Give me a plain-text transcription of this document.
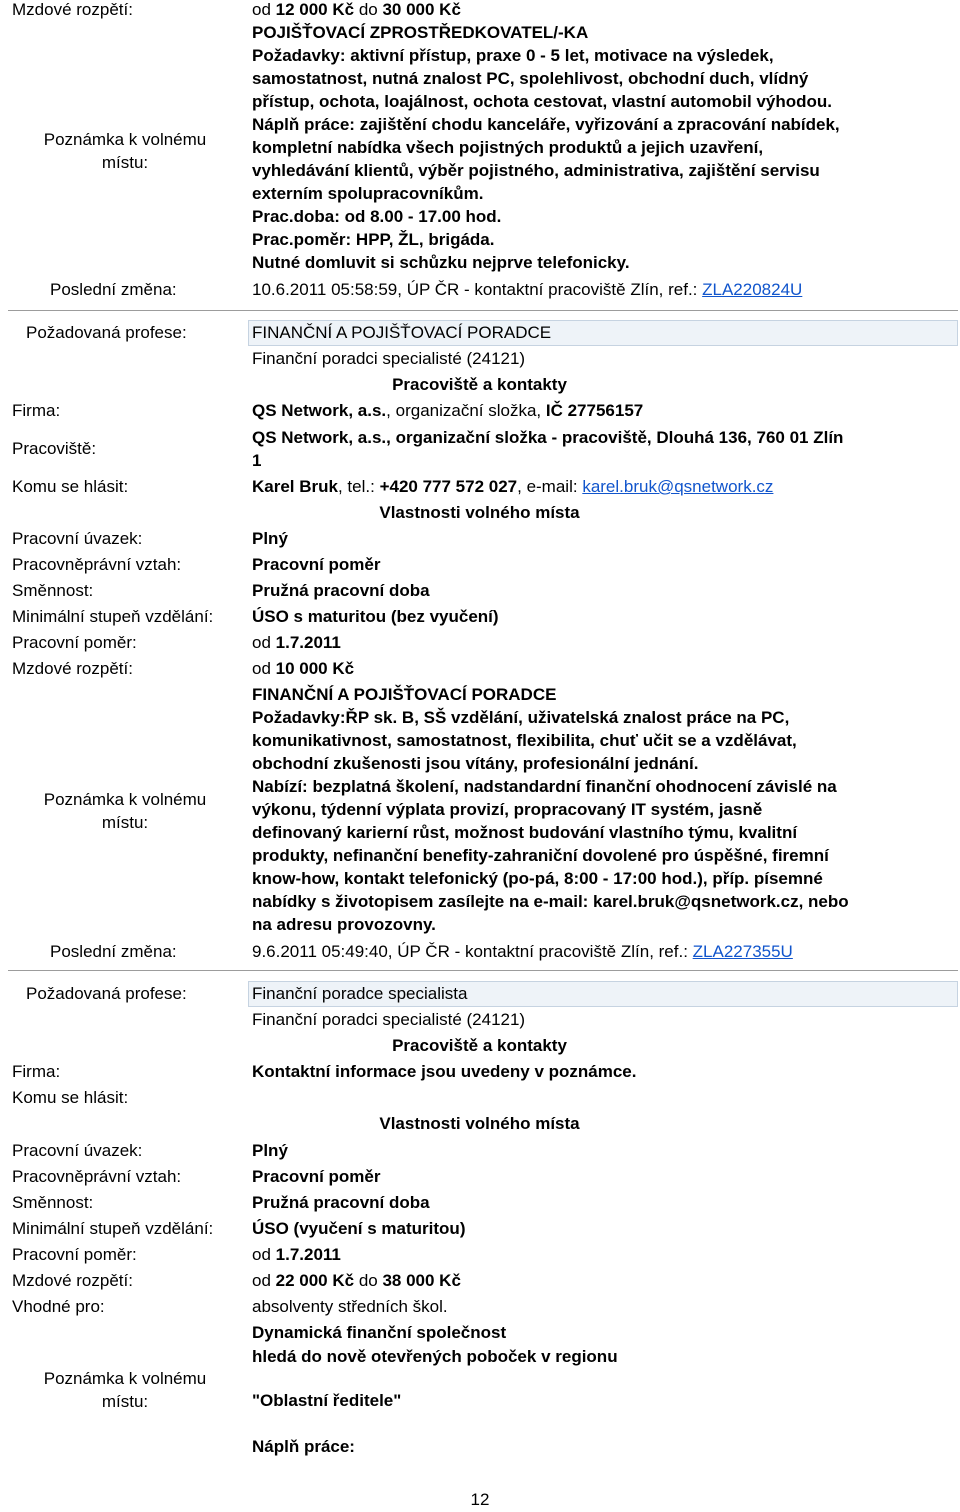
Mzdové rozpětí:	od 12 000 Kč do 30 000 Kč
Poznámka k volnému
místu:
POJIŠŤOVACÍ ZPROSTŘEDKOVATEL/-KA
Požadavky: aktivní přístup, praxe 0 - 5 let, motivace na výsledek,
samostatnost, nutná znalost PC, spolehlivost, obchodní duch, vlídný
přístup, ochota, loajálnost, ochota cestovat, vlastní automobil výhodou.
Náplň práce: zajištění chodu kanceláře, vyřizování a zpracování nabídek,
kompletní nabídka všech pojistných produktů a jejich uzavření,
vyhledávání klientů, výběr pojistného, administrativa, zajištění servisu
externím spolupracovníkům.
Prac.doba: od 8.00 - 17.00 hod.
Prac.poměr: HPP, ŽL, brigáda.
Nutné domluvit si schůzku nejprve telefonicky.
Poslední změna:	10.6.2011 05:58:59, ÚP ČR - kontaktní pracoviště Zlín, ref.: ZLA220824U
Požadovaná profese:	FINANČNÍ A POJIŠŤOVACÍ PORADCE
Finanční poradci specialisté (24121)
Pracoviště a kontakty
Firma:	QS Network, a.s., organizační složka, IČ 27756157
Pracoviště:
QS Network, a.s., organizační složka - pracoviště, Dlouhá 136, 760 01 Zlín
1
Komu se hlásit:	Karel Bruk, tel.: +420 777 572 027, e-mail: karel.bruk@qsnetwork.cz
Vlastnosti volného místa
Pracovní úvazek:	Plný
Pracovněprávní vztah:	Pracovní poměr
Směnnost:	Pružná pracovní doba
Minimální stupeň vzdělání: ÚSO s maturitou (bez vyučení)
Pracovní poměr:	od 1.7.2011
Mzdové rozpětí:	od 10 000 Kč
Poznámka k volnému
místu:
FINANČNÍ A POJIŠŤOVACÍ PORADCE
Požadavky:ŘP sk. B, SŠ vzdělání, uživatelská znalost práce na PC,
komunikativnost, samostatnost, flexibilita, chuť učit se a vzdělávat,
obchodní zkušenosti jsou vítány, profesionální jednání.
Nabízí: bezplatná školení, nadstandardní finanční ohodnocení závislé na
výkonu, týdenní výplata provizí, propracovaný IT systém, jasně
definovaný karierní růst, možnost budování vlastního týmu, kvalitní
produkty, nefinanční benefity-zahraniční dovolené pro úspěšné, firemní
know-how, kontakt telefonický (po-pá, 8:00 - 17:00 hod.), příp. písemné
nabídky s životopisem zasílejte na e-mail: karel.bruk@qsnetwork.cz, nebo
na adresu provozovny.
Poslední změna:	9.6.2011 05:49:40, ÚP ČR - kontaktní pracoviště Zlín, ref.: ZLA227355U
Požadovaná profese:	Finanční poradce specialista
Finanční poradci specialisté (24121)
Pracoviště a kontakty
Firma:	Kontaktní informace jsou uvedeny v poznámce.
Komu se hlásit:
Vlastnosti volného místa
Pracovní úvazek:	Plný
Pracovněprávní vztah:	Pracovní poměr
Směnnost:	Pružná pracovní doba
Minimální stupeň vzdělání: ÚSO (vyučení s maturitou)
Pracovní poměr:	od 1.7.2011
Mzdové rozpětí:	od 22 000 Kč do 38 000 Kč
Vhodné pro:	absolventy středních škol.
Poznámka k volnému
místu:
Dynamická finanční společnost
hledá do nově otevřených poboček v regionu
"Oblastní ředitele"
Náplň práce:
12
